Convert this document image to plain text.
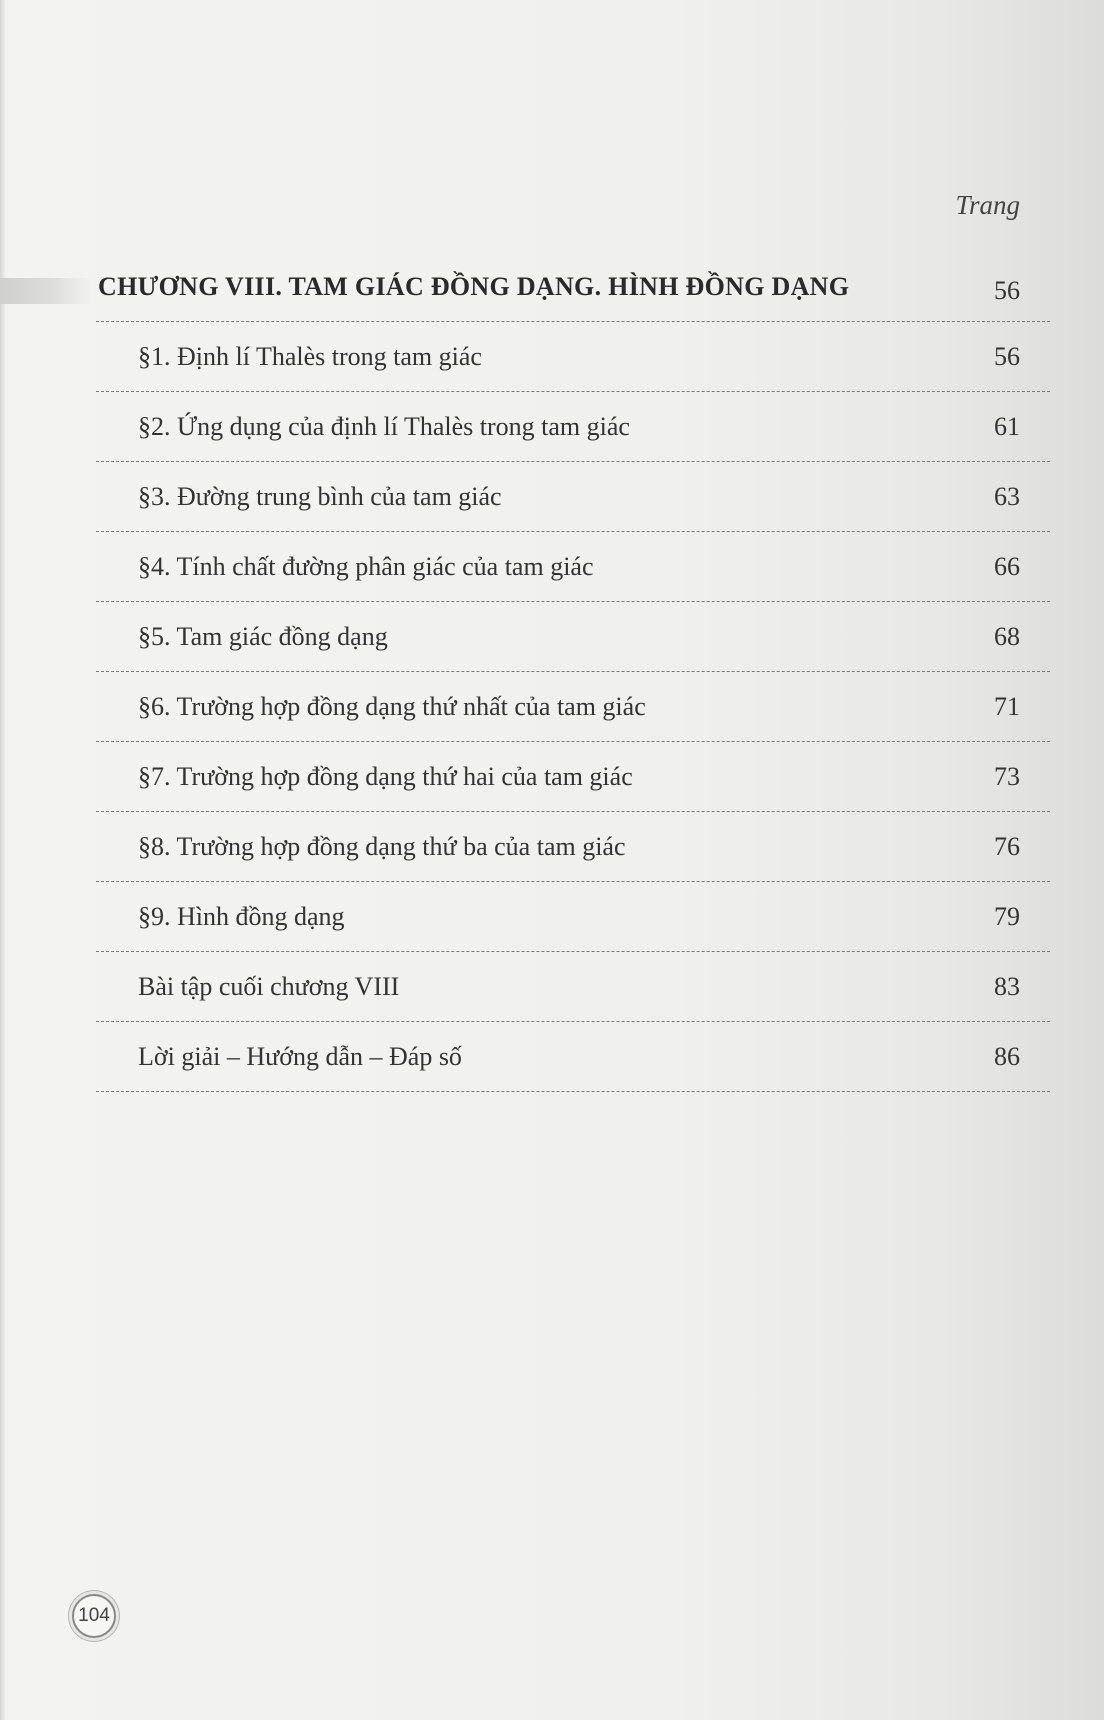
Trang
CHƯƠNG VIII. TAM GIÁC ĐỒNG DẠNG. HÌNH ĐỒNG DẠNG	56
§1. Định lí Thalès trong tam giác	56
§2. Ứng dụng của định lí Thalès trong tam giác	61
§3. Đường trung bình của tam giác	63
§4. Tính chất đường phân giác của tam giác	66
§5. Tam giác đồng dạng	68
§6. Trường hợp đồng dạng thứ nhất của tam giác	71
§7. Trường hợp đồng dạng thứ hai của tam giác	73
§8. Trường hợp đồng dạng thứ ba của tam giác	76
§9. Hình đồng dạng	79
Bài tập cuối chương VIII	83
Lời giải – Hướng dẫn – Đáp số	86
104
